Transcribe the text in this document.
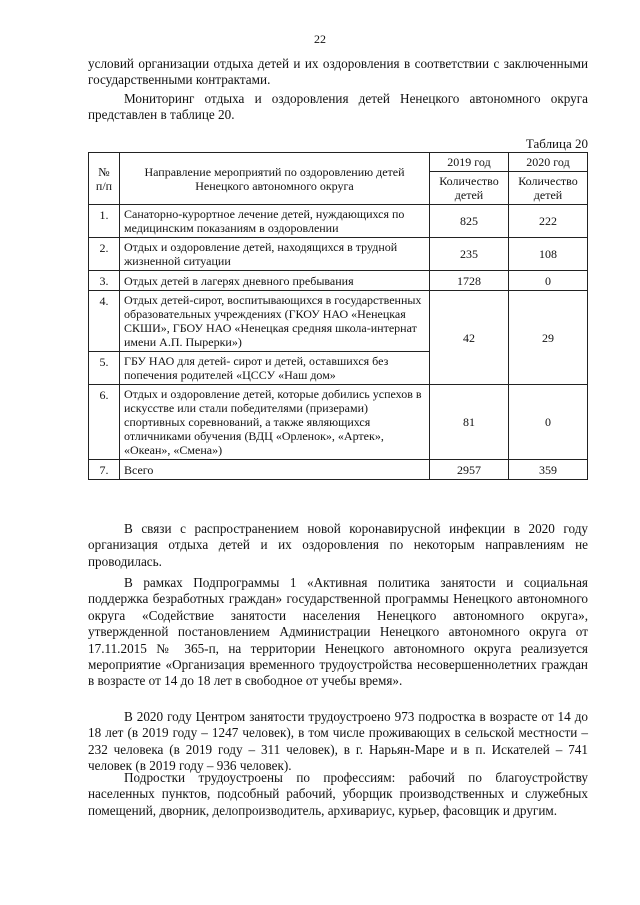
22

условий организации отдыха детей и их оздоровления в соответствии с заключенными государственными контрактами.

Мониторинг отдыха и оздоровления детей Ненецкого автономного округа представлен в таблице 20.

Таблица 20
№ п/п	Направление мероприятий по оздоровлению детей Ненецкого автономного округа	2019 год	2020 год
		Количество детей	Количество детей
1.	Санаторно-курортное лечение детей, нуждающихся по медицинским показаниям в оздоровлении	825	222
2.	Отдых и оздоровление детей, находящихся в трудной жизненной ситуации	235	108
3.	Отдых детей в лагерях дневного пребывания	1728	0
4.	Отдых детей-сирот, воспитывающихся в государственных образовательных учреждениях (ГКОУ НАО «Ненецкая СКШИ», ГБОУ НАО «Ненецкая средняя школа-интернат имени А.П. Пырерки»)	42	29
5.	ГБУ НАО для детей- сирот и детей, оставшихся без попечения родителей «ЦССУ «Наш дом»		
6.	Отдых и оздоровление детей, которые добились успехов в искусстве или стали победителями (призерами) спортивных соревнований, а также являющихся отличниками обучения (ВДЦ «Орленок», «Артек», «Океан», «Смена»)	81	0
7.	Всего	2957	359

В связи с распространением новой коронавирусной инфекции в 2020 году организация отдыха детей и их оздоровления по некоторым направлениям не проводилась.

В рамках Подпрограммы 1 «Активная политика занятости и социальная поддержка безработных граждан» государственной программы Ненецкого автономного округа «Содействие занятости населения Ненецкого автономного округа», утвержденной постановлением Администрации Ненецкого автономного округа от 17.11.2015 № 365-п, на территории Ненецкого автономного округа реализуется мероприятие «Организация временного трудоустройства несовершеннолетних граждан в возрасте от 14 до 18 лет в свободное от учебы время».

В 2020 году Центром занятости трудоустроено 973 подростка в возрасте от 14 до 18 лет (в 2019 году – 1247 человек), в том числе проживающих в сельской местности – 232 человека (в 2019 году – 311 человек), в г. Нарьян-Маре и в п. Искателей – 741 человек (в 2019 году – 936 человек).

Подростки трудоустроены по профессиям: рабочий по благоустройству населенных пунктов, подсобный рабочий, уборщик производственных и служебных помещений, дворник, делопроизводитель, архивариус, курьер, фасовщик и другим.
